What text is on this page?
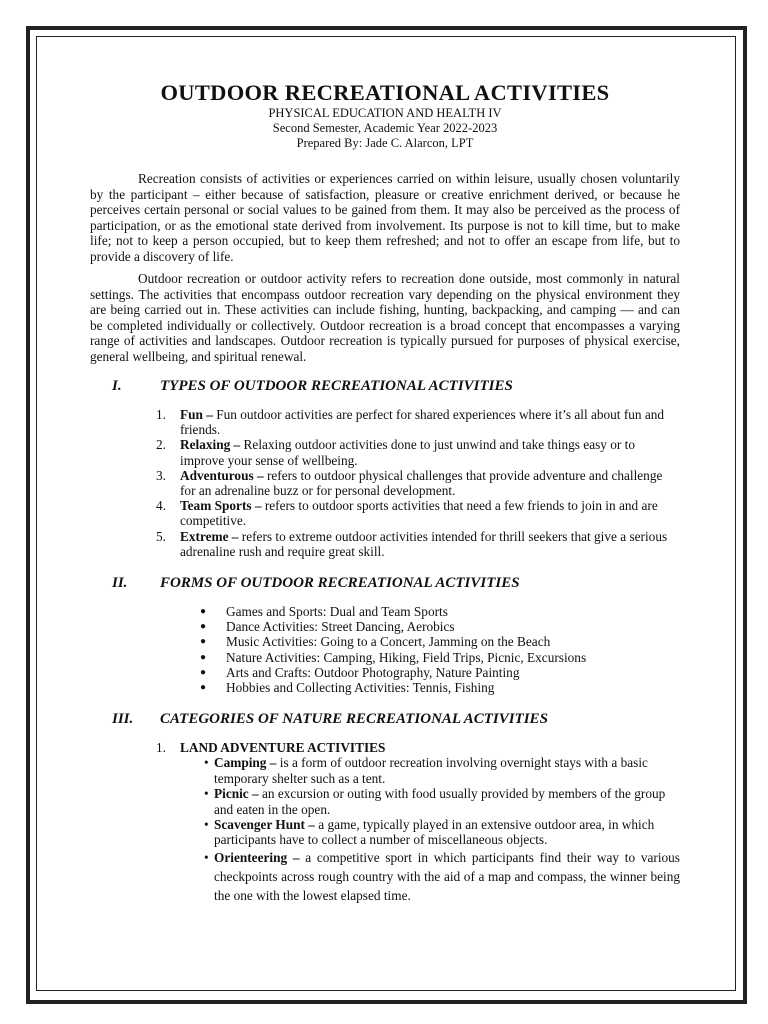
OUTDOOR RECREATIONAL ACTIVITIES

PHYSICAL EDUCATION AND HEALTH IV

Second Semester, Academic Year 2022-2023

Prepared By: Jade C. Alarcon, LPT

Recreation consists of activities or experiences carried on within leisure, usually chosen voluntarily by the participant – either because of satisfaction, pleasure or creative enrichment derived, or because he perceives certain personal or social values to be gained from them. It may also be perceived as the process of participation, or as the emotional state derived from involvement. Its purpose is not to kill time, but to make life; not to keep a person occupied, but to keep them refreshed; and not to offer an escape from life, but to provide a discovery of life.

Outdoor recreation or outdoor activity refers to recreation done outside, most commonly in natural settings. The activities that encompass outdoor recreation vary depending on the physical environment they are being carried out in. These activities can include fishing, hunting, backpacking, and camping — and can be completed individually or collectively. Outdoor recreation is a broad concept that encompasses a varying range of activities and landscapes. Outdoor recreation is typically pursued for purposes of physical exercise, general wellbeing, and spiritual renewal.

I.	TYPES OF OUTDOOR RECREATIONAL ACTIVITIES
1.	Fun – Fun outdoor activities are perfect for shared experiences where it’s all about fun and friends.
2.	Relaxing – Relaxing outdoor activities done to just unwind and take things easy or to improve your sense of wellbeing.
3.	Adventurous – refers to outdoor physical challenges that provide adventure and challenge for an adrenaline buzz or for personal development.
4.	Team Sports – refers to outdoor sports activities that need a few friends to join in and are competitive.
5.	Extreme – refers to extreme outdoor activities intended for thrill seekers that give a serious adrenaline rush and require great skill.
II.	FORMS OF OUTDOOR RECREATIONAL ACTIVITIES
●	Games and Sports: Dual and Team Sports
●	Dance Activities: Street Dancing, Aerobics
●	Music Activities: Going to a Concert, Jamming on the Beach
●	Nature Activities: Camping, Hiking, Field Trips, Picnic, Excursions
●	Arts and Crafts: Outdoor Photography, Nature Painting
●	Hobbies and Collecting Activities: Tennis, Fishing
III.	CATEGORIES OF NATURE RECREATIONAL ACTIVITIES
1.	LAND ADVENTURE ACTIVITIES
• Camping – is a form of outdoor recreation involving overnight stays with a basic temporary shelter such as a tent.
• Picnic – an excursion or outing with food usually provided by members of the group and eaten in the open.
• Scavenger Hunt – a game, typically played in an extensive outdoor area, in which participants have to collect a number of miscellaneous objects.
• Orienteering – a competitive sport in which participants find their way to various checkpoints across rough country with the aid of a map and compass, the winner being the one with the lowest elapsed time.
